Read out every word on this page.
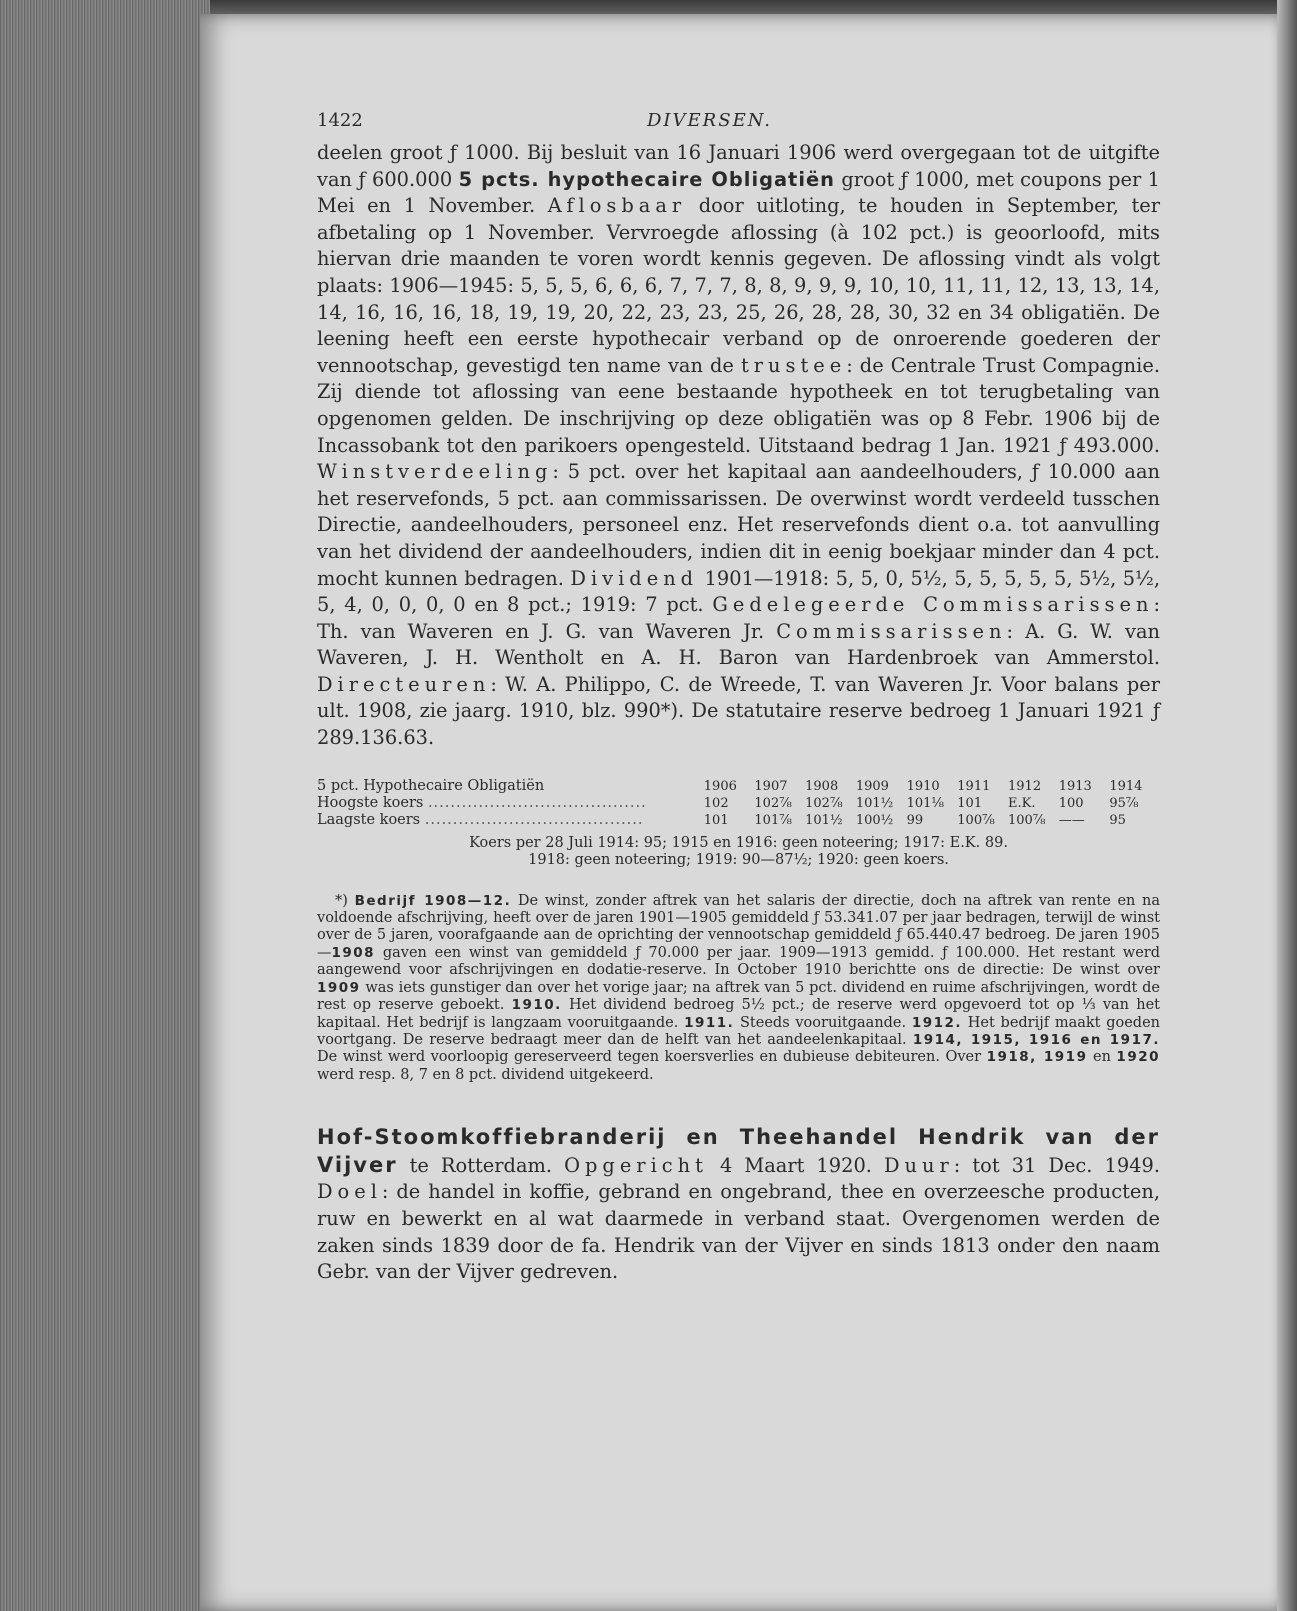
1422	DIVERSEN.

deelen groot ƒ 1000. Bij besluit van 16 Januari 1906 werd overgegaan tot de uitgifte van ƒ 600.000 5 pcts. hypothecaire Obligatiën groot ƒ 1000, met coupons per 1 Mei en 1 November. Aflosbaar door uitloting, te houden in September, ter afbetaling op 1 November. Vervroegde aflossing (à 102 pct.) is geoorloofd, mits hiervan drie maanden te voren wordt kennis gegeven. De aflossing vindt als volgt plaats: 1906—1945: 5, 5, 5, 6, 6, 6, 7, 7, 7, 8, 8, 9, 9, 9, 10, 10, 11, 11, 12, 13, 13, 14, 14, 16, 16, 16, 18, 19, 19, 20, 22, 23, 23, 25, 26, 28, 28, 30, 32 en 34 obligatiën. De leening heeft een eerste hypothecair verband op de onroerende goederen der vennootschap, gevestigd ten name van de trustee: de Centrale Trust Compagnie. Zij diende tot aflossing van eene bestaande hypotheek en tot terugbetaling van opgenomen gelden. De inschrijving op deze obligatiën was op 8 Febr. 1906 bij de Incassobank tot den parikoers opengesteld. Uitstaand bedrag 1 Jan. 1921 ƒ 493.000. Winstverdeeling: 5 pct. over het kapitaal aan aandeelhouders, ƒ 10.000 aan het reservefonds, 5 pct. aan commissarissen. De overwinst wordt verdeeld tusschen Directie, aandeelhouders, personeel enz. Het reservefonds dient o.a. tot aanvulling van het dividend der aandeelhouders, indien dit in eenig boekjaar minder dan 4 pct. mocht kunnen bedragen. Dividend 1901—1918: 5, 5, 0, 5½, 5, 5, 5, 5, 5, 5½, 5½, 5, 4, 0, 0, 0, 0 en 8 pct.; 1919: 7 pct. Gedelegeerde Commissarissen: Th. van Waveren en J. G. van Waveren Jr. Commissarissen: A. G. W. van Waveren, J. H. Wentholt en A. H. Baron van Hardenbroek van Ammerstol. Directeuren: W. A. Philippo, C. de Wreede, T. van Waveren Jr. Voor balans per ult. 1908, zie jaarg. 1910, blz. 990*). De statutaire reserve bedroeg 1 Januari 1921 ƒ 289.136.63.

5 pct. Hypothecaire Obligatiën	1906	1907	1908	1909	1910	1911	1912	1913	1914
Hoogste koers .......................................	102	102⅞	102⅞	101½	101⅛	101	E.K.	100	95⅞
Laagste koers .......................................	101	101⅞	101½	100½	99	100⅞	100⅞	——	95

Koers per 28 Juli 1914: 95; 1915 en 1916: geen noteering; 1917: E.K. 89.
1918: geen noteering; 1919: 90—87½; 1920: geen koers.

*) Bedrijf 1908—12. De winst, zonder aftrek van het salaris der directie, doch na aftrek van rente en na voldoende afschrijving, heeft over de jaren 1901—1905 gemiddeld ƒ 53.341.07 per jaar bedragen, terwijl de winst over de 5 jaren, voorafgaande aan de oprichting der vennootschap gemiddeld ƒ 65.440.47 bedroeg. De jaren 1905—1908 gaven een winst van gemiddeld ƒ 70.000 per jaar. 1909—1913 gemidd. ƒ 100.000. Het restant werd aangewend voor afschrijvingen en dodatie-reserve. In October 1910 berichtte ons de directie: De winst over 1909 was iets gunstiger dan over het vorige jaar; na aftrek van 5 pct. dividend en ruime afschrijvingen, wordt de rest op reserve geboekt. 1910. Het dividend bedroeg 5½ pct.; de reserve werd opgevoerd tot op ⅓ van het kapitaal. Het bedrijf is langzaam vooruitgaande. 1911. Steeds vooruitgaande. 1912. Het bedrijf maakt goeden voortgang. De reserve bedraagt meer dan de helft van het aandeelenkapitaal. 1914, 1915, 1916 en 1917. De winst werd voorloopig gereserveerd tegen koersverlies en dubieuse debiteuren. Over 1918, 1919 en 1920 werd resp. 8, 7 en 8 pct. dividend uitgekeerd.

Hof-Stoomkoffiebranderij en Theehandel Hendrik van der Vijver te Rotterdam. Opgericht 4 Maart 1920. Duur: tot 31 Dec. 1949. Doel: de handel in koffie, gebrand en ongebrand, thee en overzeesche producten, ruw en bewerkt en al wat daarmede in verband staat. Overgenomen werden de zaken sinds 1839 door de fa. Hendrik van der Vijver en sinds 1813 onder den naam Gebr. van der Vijver gedreven.
